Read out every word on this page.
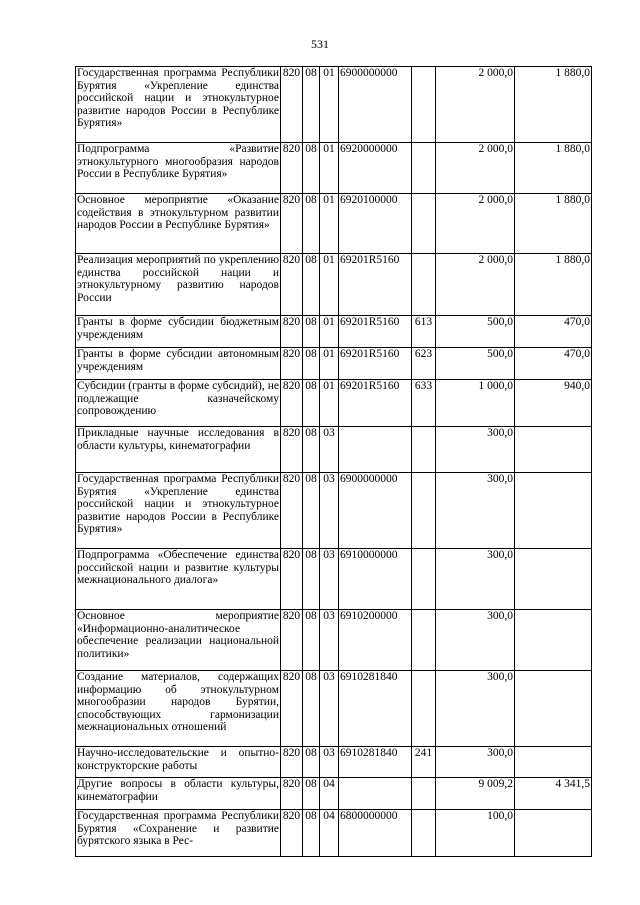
531
Государственная программа Республики Бурятия «Укрепление единства российской нации и этнокультурное развитие народов России в Республике Бурятия»	820	08	01	6900000000		2 000,0	1 880,0
Подпрограмма «Развитие этнокультурного многообразия народов России в Республике Бурятия»	820	08	01	6920000000		2 000,0	1 880,0
Основное мероприятие «Оказание содействия в этнокультурном развитии народов России в Республике Бурятия»	820	08	01	6920100000		2 000,0	1 880,0
Реализация мероприятий по укреплению единства российской нации и этнокультурному развитию народов России	820	08	01	69201R5160		2 000,0	1 880,0
Гранты в форме субсидии бюджетным учреждениям	820	08	01	69201R5160	613	500,0	470,0
Гранты в форме субсидии автономным учреждениям	820	08	01	69201R5160	623	500,0	470,0
Субсидии (гранты в форме субсидий), не подлежащие казначейскому сопровождению	820	08	01	69201R5160	633	1 000,0	940,0
Прикладные научные исследования в области культуры, кинематографии	820	08	03			300,0	
Государственная программа Республики Бурятия «Укрепление единства российской нации и этнокультурное развитие народов России в Республике Бурятия»	820	08	03	6900000000		300,0	
Подпрограмма «Обеспечение единства российской нации и развитие культуры межнационального диалога»	820	08	03	6910000000		300,0	
Основное мероприятие «Информационно-аналитическое обеспечение реализации национальной политики»	820	08	03	6910200000		300,0	
Создание материалов, содержащих информацию об этнокультурном многообразии народов Бурятии, способствующих гармонизации межнациональных отношений	820	08	03	6910281840		300,0	
Научно-исследовательские и опытно-конструкторские работы	820	08	03	6910281840	241	300,0	
Другие вопросы в области культуры, кинематографии	820	08	04			9 009,2	4 341,5
Государственная программа Республики Бурятия «Сохранение и развитие бурятского языка в Рес-	820	08	04	6800000000		100,0	
